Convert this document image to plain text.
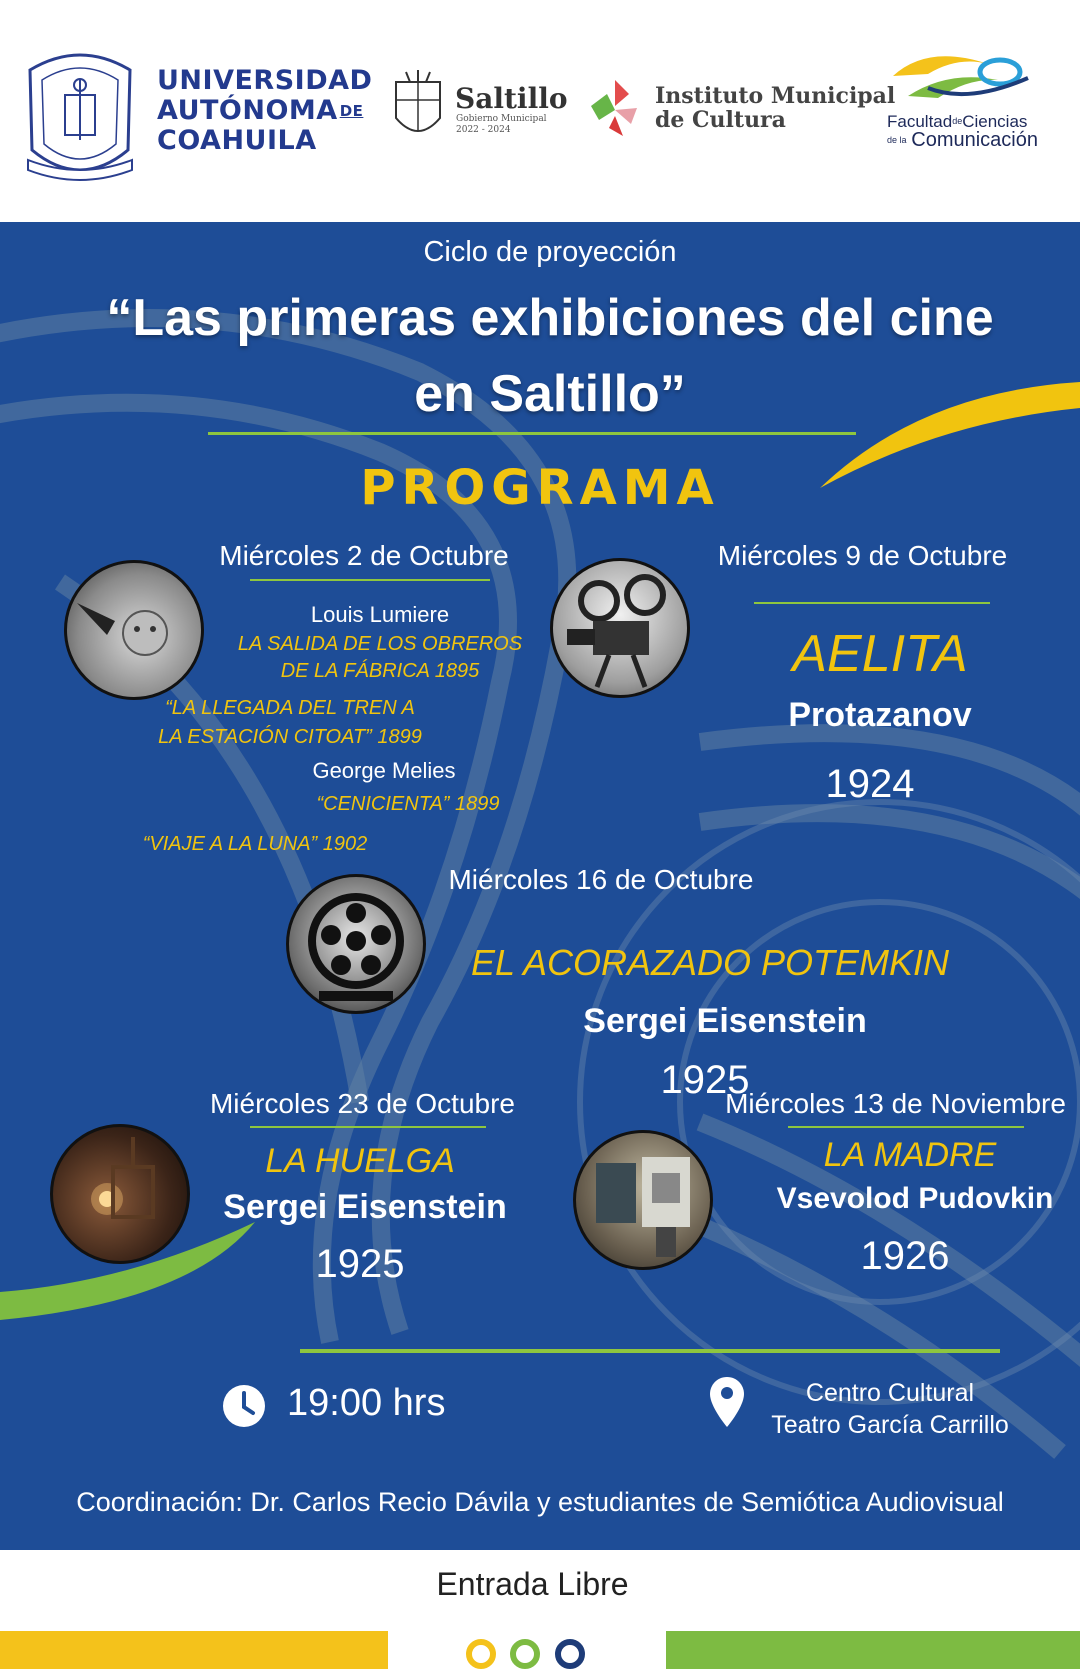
UNIVERSIDAD
AUTÓNOMA $^{DE}$
COAHUILA
Saltillo
Gobierno Municipal
2022 - 2024
Instituto Municipal
de Cultura	Facultad$^{de}$Ciencias
$^{de la}$ Comunicación
Ciclo de proyección
“Las primeras exhibiciones del cine
en Saltillo”
PROGRAMA
Miércoles 2 de Octubre
Louis Lumiere
LA SALIDA DE LOS OBREROS
DE LA FÁBRICA 1895
“LA LLEGADA DEL TREN A
LA ESTACIÓN CITOAT” 1899
George Melies
“CENICIENTA” 1899
“VIAJE A LA LUNA” 1902
Miércoles 9 de Octubre
AELITA
Protazanov
1924
Miércoles 16 de Octubre
EL ACORAZADO POTEMKIN
Sergei Eisenstein
1925
Miércoles 23 de Octubre
LA HUELGA
Sergei Eisenstein
1925
Miércoles 13 de Noviembre
LA MADRE
Vsevolod Pudovkin
1926
19:00 hrs	Centro Cultural
Teatro García Carrillo
Coordinación: Dr. Carlos Recio Dávila y estudiantes de Semiótica Audiovisual
Entrada Libre
